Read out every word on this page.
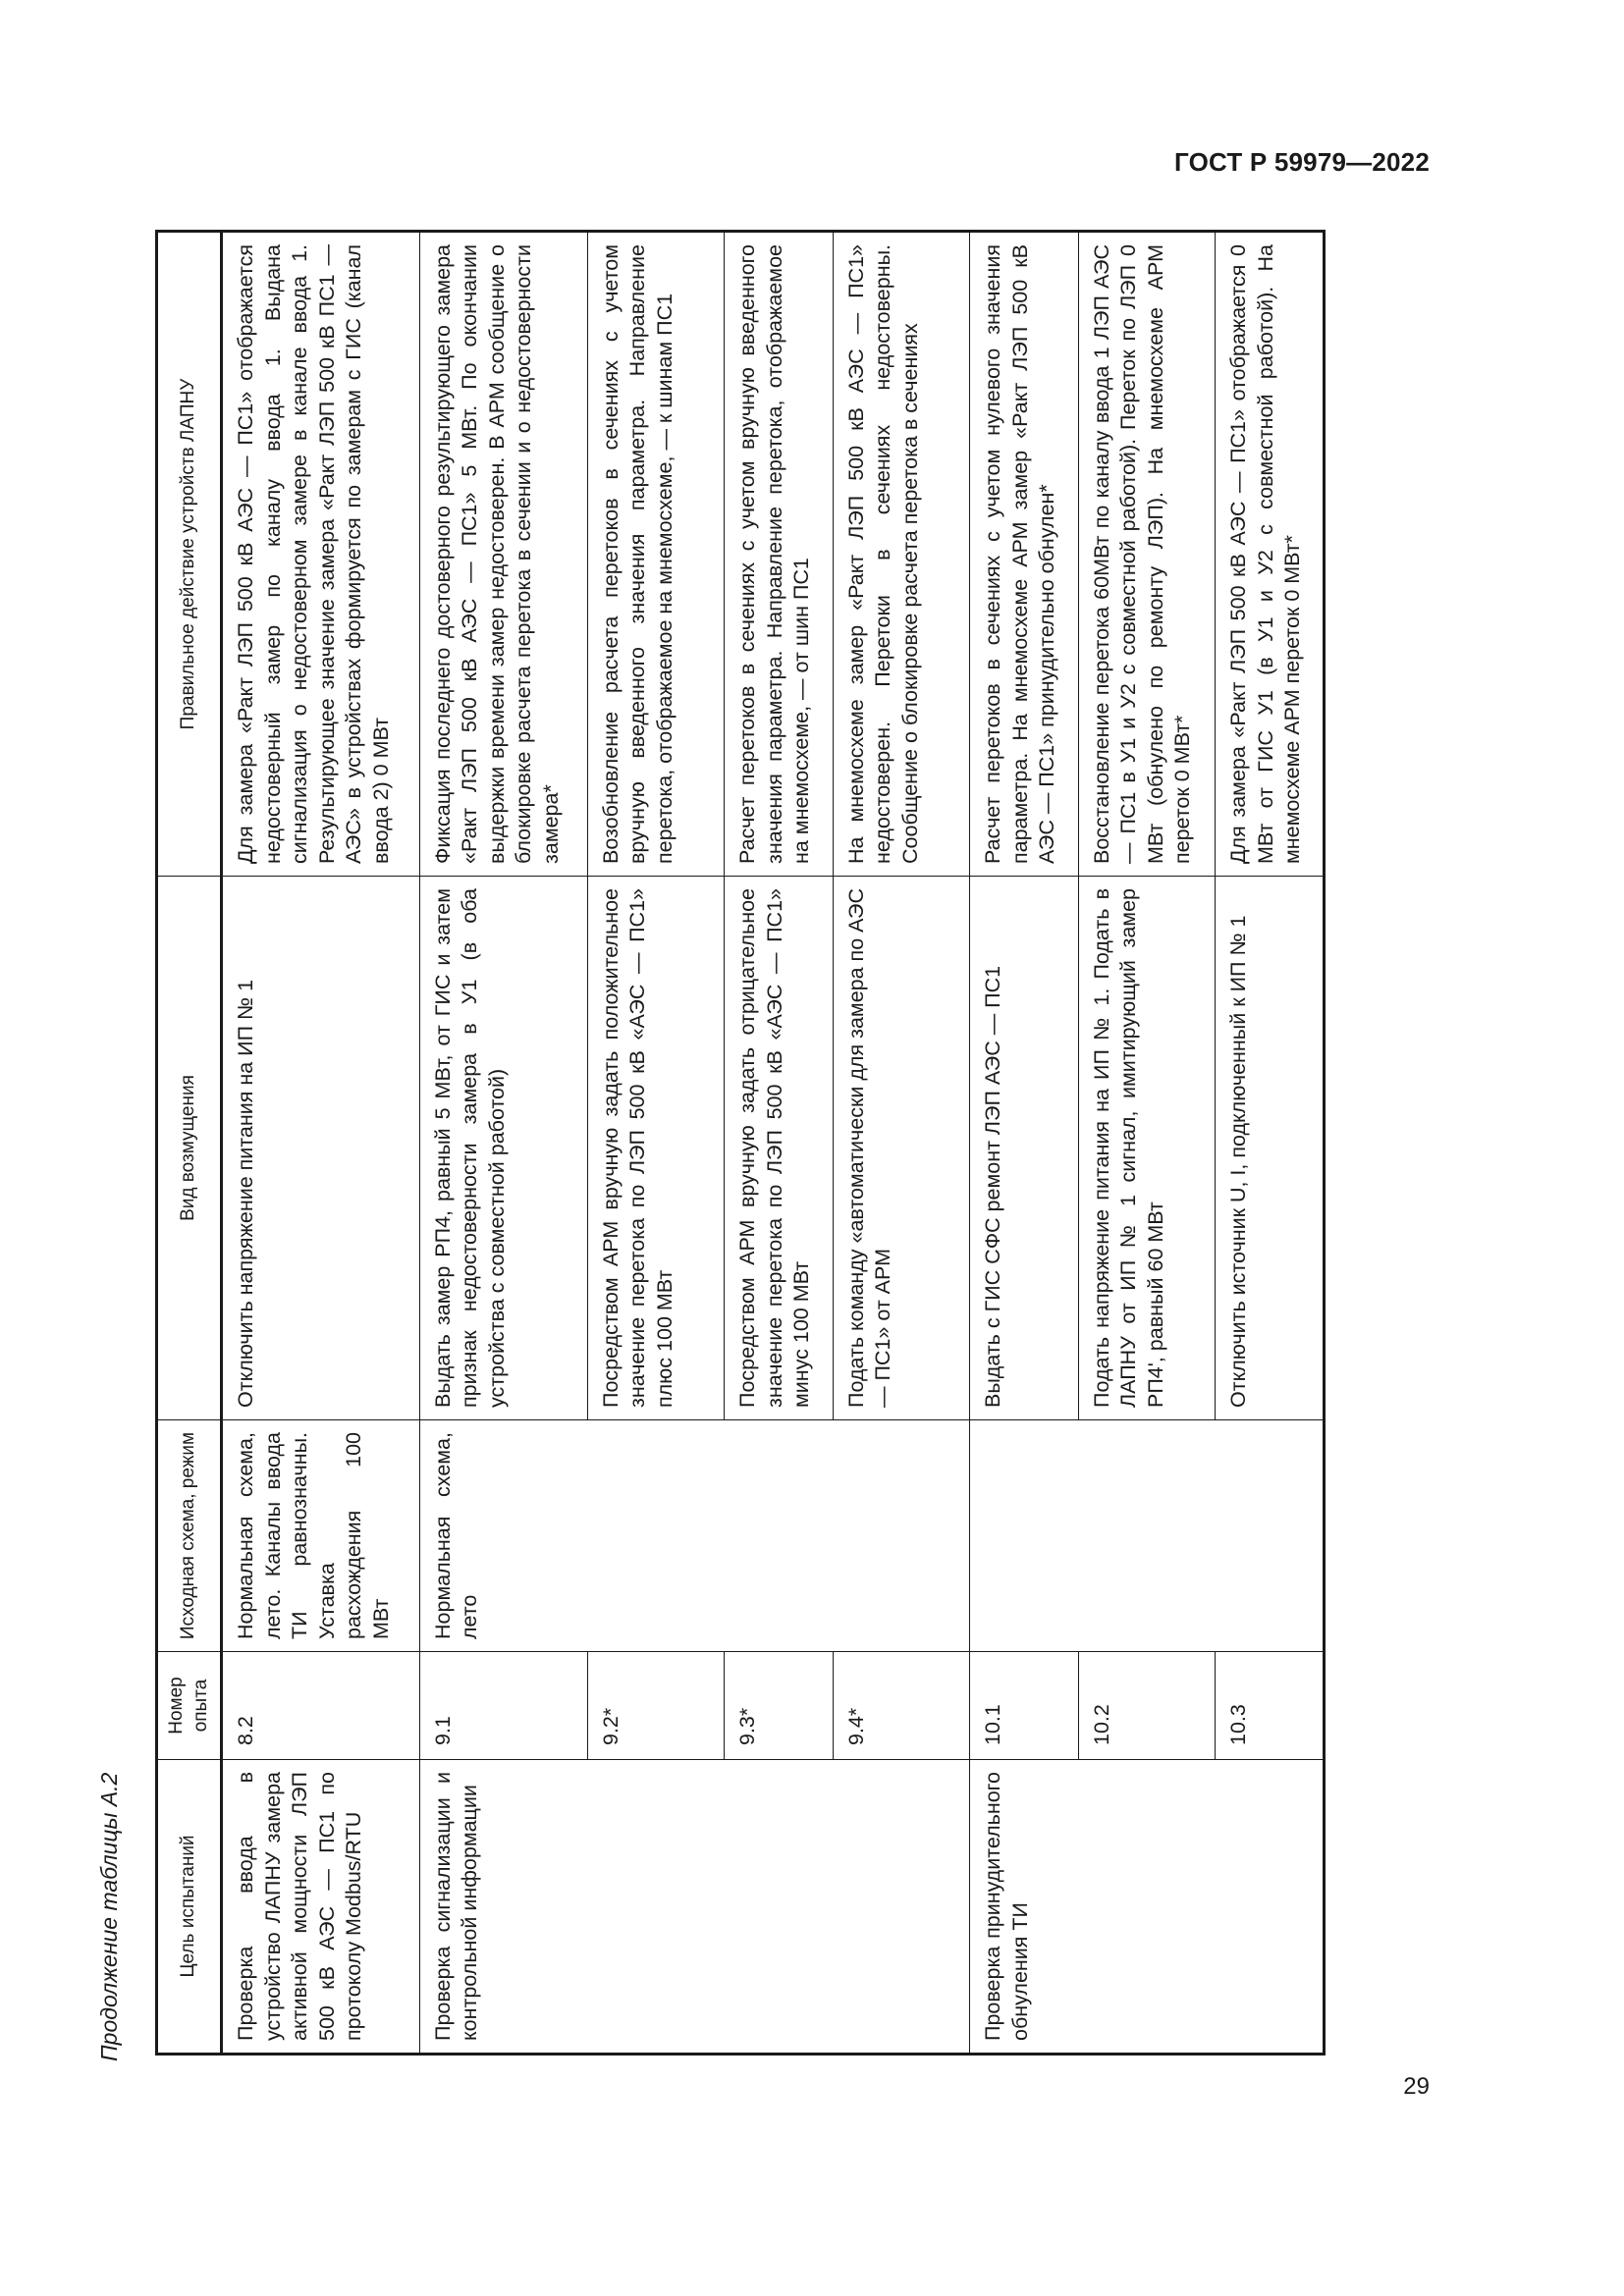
ГОСТ Р 59979—2022
Продолжение таблицы А.2	Цель испытаний	Номер опыта	Исходная схема, режим	Вид возмущения	Правильное действие устройств ЛАПНУ
Проверка ввода в устройство ЛАПНУ замера активной мощности ЛЭП 500 кВ АЭС — ПС1 по протоколу Modbus/RTU	8.2	Нормальная схема, лето. Каналы ввода ТИ равнозначны. Уставка расхождения 100 МВт	Отключить напряжение питания на ИП № 1	Для замера «Ракт ЛЭП 500 кВ АЭС — ПС1» отображается недостоверный замер по каналу ввода 1. Выдана сигнализация о недостоверном замере в канале ввода 1. Результирующее значение замера «Ракт ЛЭП 500 кВ ПС1 — АЭС» в устройствах формируется по замерам с ГИС (канал ввода 2) 0 МВт
Проверка сигнализации и контрольной информации	9.1	Нормальная схема, лето	Выдать замер РП4, равный 5 МВт, от ГИС и затем признак недостоверности замера в У1 (в оба устройства с совместной работой)	Фиксация последнего достоверного результирующего замера «Ракт ЛЭП 500 кВ АЭС — ПС1» 5 МВт. По окончании выдержки времени замер недостоверен. В АРМ сообщение о блокировке расчета перетока в сечении и о недостоверности замера*
	9.2*		Посредством АРМ вручную задать положительное значение перетока по ЛЭП 500 кВ «АЭС — ПС1» плюс 100 МВт	Возобновление расчета перетоков в сечениях с учетом вручную введенного значения параметра. Направление перетока, отображаемое на мнемосхеме, — к шинам ПС1
	9.3*		Посредством АРМ вручную задать отрицательное значение перетока по ЛЭП 500 кВ «АЭС — ПС1» минус 100 МВт	Расчет перетоков в сечениях с учетом вручную введенного значения параметра. Направление перетока, отображаемое на мнемосхеме, — от шин ПС1
	9.4*		Подать команду «автоматически для замера по АЭС — ПС1» от АРМ	На мнемосхеме замер «Ракт ЛЭП 500 кВ АЭС — ПС1» недостоверен. Перетоки в сечениях недостоверны. Сообщение о блокировке расчета перетока в сечениях
Проверка принудительного обнуления ТИ	10.1		Выдать с ГИС СФС ремонт ЛЭП АЭС — ПС1	Расчет перетоков в сечениях с учетом нулевого значения параметра. На мнемосхеме АРМ замер «Ракт ЛЭП 500 кВ АЭС — ПС1» принудительно обнулен*
	10.2		Подать напряжение питания на ИП № 1. Подать в ЛАПНУ от ИП № 1 сигнал, имитирующий замер РП4', равный 60 МВт	Восстановление перетока 60МВт по каналу ввода 1 ЛЭП АЭС — ПС1 в У1 и У2 с совместной работой). Переток по ЛЭП 0 МВт (обнулено по ремонту ЛЭП). На мнемосхеме АРМ переток 0 МВт*
	10.3		Отключить источник U, I, подключенный к ИП № 1	Для замера «Ракт ЛЭП 500 кВ АЭС — ПС1» отображается 0 МВт от ГИС У1 (в У1 и У2 с совместной работой). На мнемосхеме АРМ переток 0 МВт*
29
